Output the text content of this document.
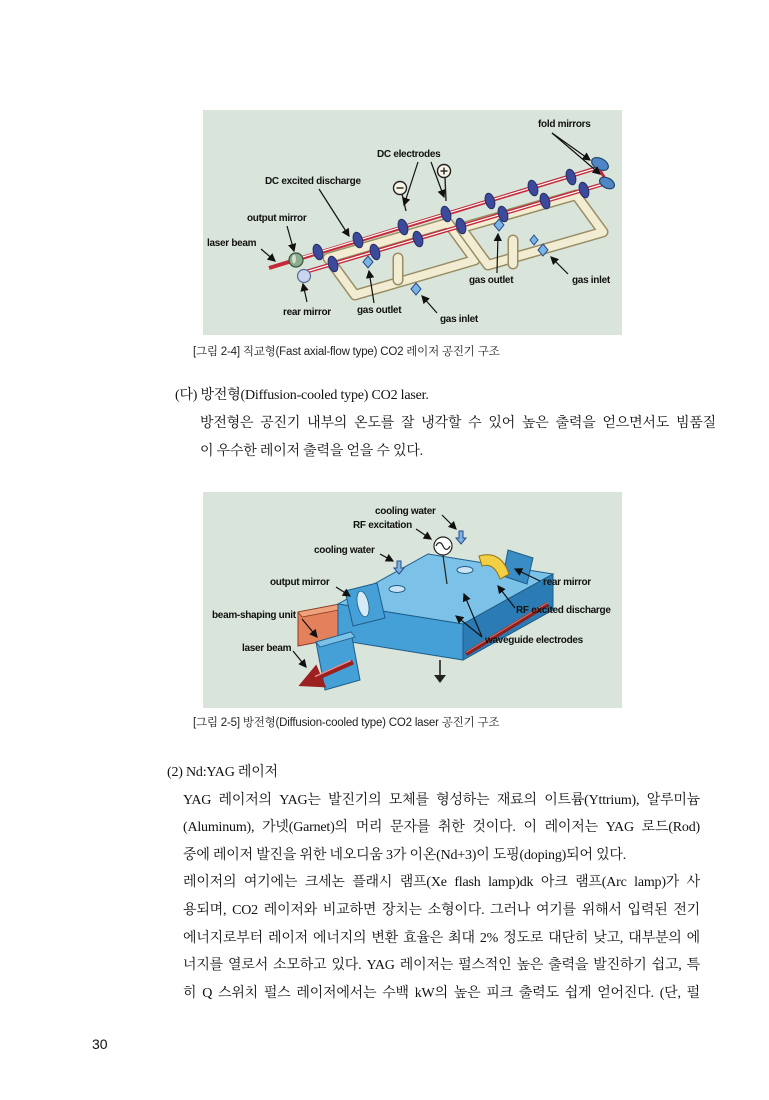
fold mirrors
DC electrodes
DC excited discharge
output mirror
laser beam
rear mirror	gas outlet
gas inlet
gas outlet	gas inlet
[그림 2-4] 직교형(Fast axial-flow type) CO2 레이저 공진기 구조
(다) 방전형(Diffusion-cooled type) CO2 laser.
방전형은 공진기 내부의 온도를 잘 냉각할 수 있어 높은 출력을 얻으면서도 빔품질
이 우수한 레이저 출력을 얻을 수 있다.
cooling water
RF excitation
cooling water
output mirror
beam-shaping unit
laser beam
rear mirror
RF excited discharge
waveguide electrodes
[그림 2-5] 방전형(Diffusion-cooled type) CO2 laser 공진기 구조
(2) Nd:YAG 레이저
YAG 레이저의 YAG는 발진기의 모체를 형성하는 재료의 이트륨(Yttrium), 알루미늄
(Aluminum), 가넷(Garnet)의 머리 문자를 취한 것이다. 이 레이저는 YAG 로드(Rod)
중에 레이저 발진을 위한 네오디움 3가 이온(Nd+3)이 도핑(doping)되어 있다.
레이저의 여기에는 크세논 플래시 램프(Xe flash lamp)dk 아크 램프(Arc lamp)가 사
용되며, CO2 레이저와 비교하면 장치는 소형이다. 그러나 여기를 위해서 입력된 전기
에너지로부터 레이저 에너지의 변환 효율은 최대 2% 정도로 대단히 낮고, 대부분의 에
너지를 열로서 소모하고 있다. YAG 레이저는 펄스적인 높은 출력을 발진하기 쉽고, 특
히 Q 스위치 펄스 레이저에서는 수백 kW의 높은 피크 출력도 쉽게 얻어진다. (단, 펄
30
